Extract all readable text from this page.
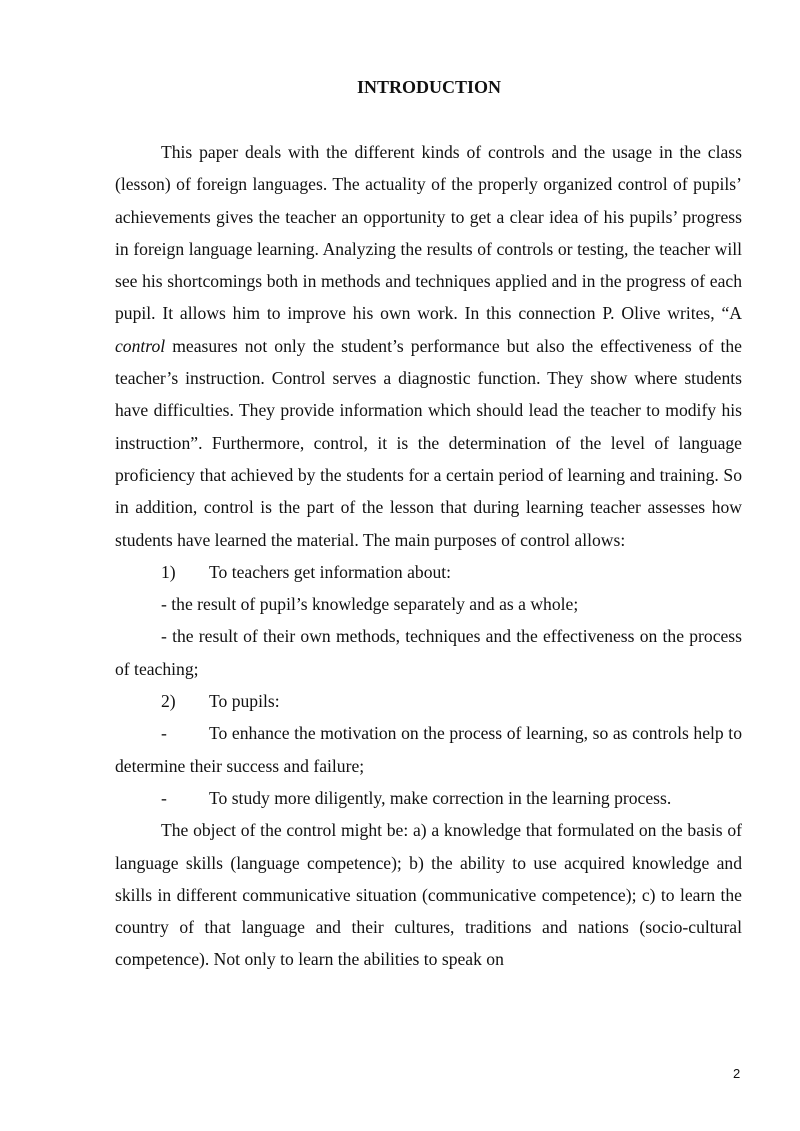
INTRODUCTION

This paper deals with the different kinds of controls and the usage in the class (lesson) of foreign languages. The actuality of the properly organized control of pupils’ achievements gives the teacher an opportunity to get a clear idea of his pupils’ progress in foreign language learning. Analyzing the results of controls or testing, the teacher will see his shortcomings both in methods and techniques applied and in the progress of each pupil. It allows him to improve his own work. In this connection P. Olive writes, “A control measures not only the student’s performance but also the effectiveness of the teacher’s instruction. Control serves a diagnostic function. They show where students have difficulties. They provide information which should lead the teacher to modify his instruction”. Furthermore, control, it is the determination of the level of language proficiency that achieved by the students for a certain period of learning and training. So in addition, control is the part of the lesson that during learning teacher assesses how students have learned the material. The main purposes of control allows:

1) To teachers get information about:

- the result of pupil’s knowledge separately and as a whole;

- the result of their own methods, techniques and the effectiveness on the process of teaching;

2) To pupils:

- To enhance the motivation on the process of learning, so as controls help to determine their success and failure;

- To study more diligently, make correction in the learning process.

The object of the control might be: a) a knowledge that formulated on the basis of language skills (language competence); b) the ability to use acquired knowledge and skills in different communicative situation (communicative competence); c) to learn the country of that language and their cultures, traditions and nations (socio-cultural competence). Not only to learn the abilities to speak on

2
